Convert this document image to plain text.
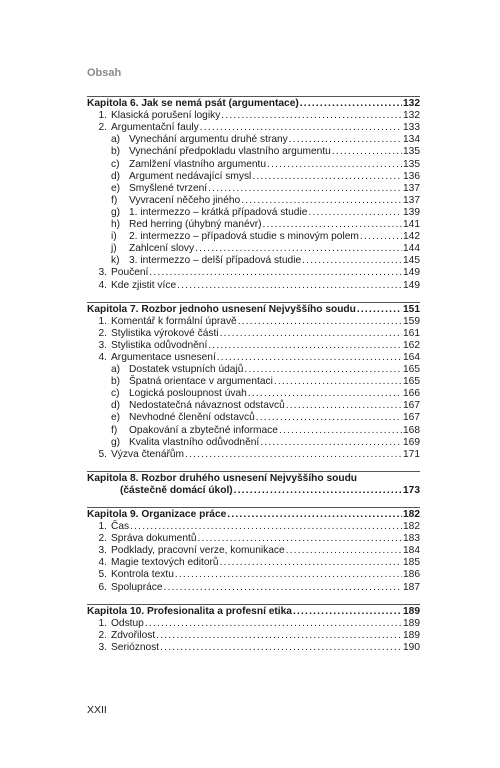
Obsah
Kapitola 6. Jak se nemá psát (argumentace) .....	132
1. Klasická porušení logiky .....	132
2. Argumentační fauly .....	133
a) Vynechání argumentu druhé strany .....	134
b) Vynechání předpokladu vlastního argumentu .....	135
c) Zamlžení vlastního argumentu .....	135
d) Argument nedávající smysl .....	136
e) Smyšlené tvrzení .....	137
f)	Vyvracení něčeho jiného .....	137
g) 1. intermezzo – krátká případová studie .....	139
h) Red herring (úhybný manévr) .....	141
i)	2. intermezzo – případová studie s minovým polem .....	142
j)	Zahlcení slovy .....	144
k) 3. intermezzo – delší případová studie .....	145
3. Poučení .....	149
4. Kde zjistit více .....	149
Kapitola 7. Rozbor jednoho usnesení Nejvyššího soudu .....	151
1. Komentář k formální úpravě .....	159
2. Stylistika výrokové části .....	161
3. Stylistika odůvodnění .....	162
4. Argumentace usnesení .....	164
a) Dostatek vstupních údajů .....	165
b) Špatná orientace v argumentaci .....	165
c) Logická posloupnost úvah .....	166
d) Nedostatečná návaznost odstavců .....	167
e) Nevhodné členění odstavců .....	167
f)	Opakování a zbytečné informace .....	168
g) Kvalita vlastního odůvodnění .....	169
5. Výzva čtenářům .....	171
Kapitola 8. Rozbor druhého usnesení Nejvyššího soudu
(částečně domácí úkol) .....	173
Kapitola 9. Organizace práce .....	182
1. Čas .....	182
2. Správa dokumentů .....	183
3. Podklady, pracovní verze, komunikace .....	184
4. Magie textových editorů .....	185
5. Kontrola textu .....	186
6. Spolupráce .....	187
Kapitola 10. Profesionalita a profesní etika .....	189
1. Odstup .....	189
2. Zdvořilost .....	189
3. Serióznost .....	190
XXII
